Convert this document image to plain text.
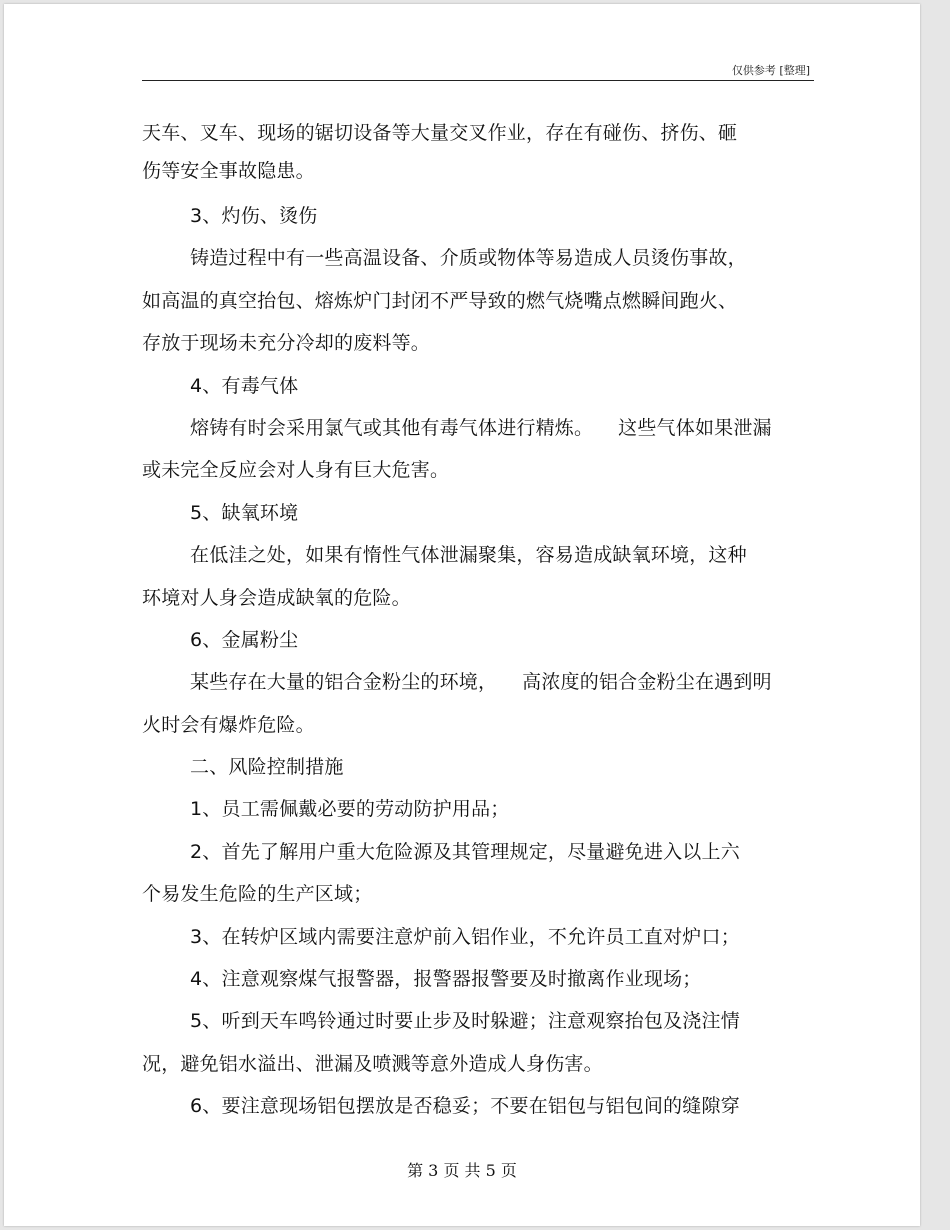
仅供参考 [整理]
天车、叉车、现场的锯切设备等大量交叉作业，存在有碰伤、挤伤、砸
伤等安全事故隐患。
3、灼伤、烫伤
铸造过程中有一些高温设备、介质或物体等易造成人员烫伤事故，
如高温的真空抬包、熔炼炉门封闭不严导致的燃气烧嘴点燃瞬间跑火、
存放于现场未充分冷却的废料等。
4、有毒气体
熔铸有时会采用氯气或其他有毒气体进行精炼。    这些气体如果泄漏
或未完全反应会对人身有巨大危害。
5、缺氧环境
在低洼之处，如果有惰性气体泄漏聚集，容易造成缺氧环境，这种
环境对人身会造成缺氧的危险。
6、金属粉尘
某些存在大量的铝合金粉尘的环境，    高浓度的铝合金粉尘在遇到明
火时会有爆炸危险。
二、风险控制措施
1、员工需佩戴必要的劳动防护用品；
2、首先了解用户重大危险源及其管理规定，尽量避免进入以上六
个易发生危险的生产区域；
3、在转炉区域内需要注意炉前入铝作业，不允许员工直对炉口；
4、注意观察煤气报警器，报警器报警要及时撤离作业现场；
5、听到天车鸣铃通过时要止步及时躲避；注意观察抬包及浇注情
况，避免铝水溢出、泄漏及喷溅等意外造成人身伤害。
6、要注意现场铝包摆放是否稳妥；不要在铝包与铝包间的缝隙穿
第 3 页 共 5 页
